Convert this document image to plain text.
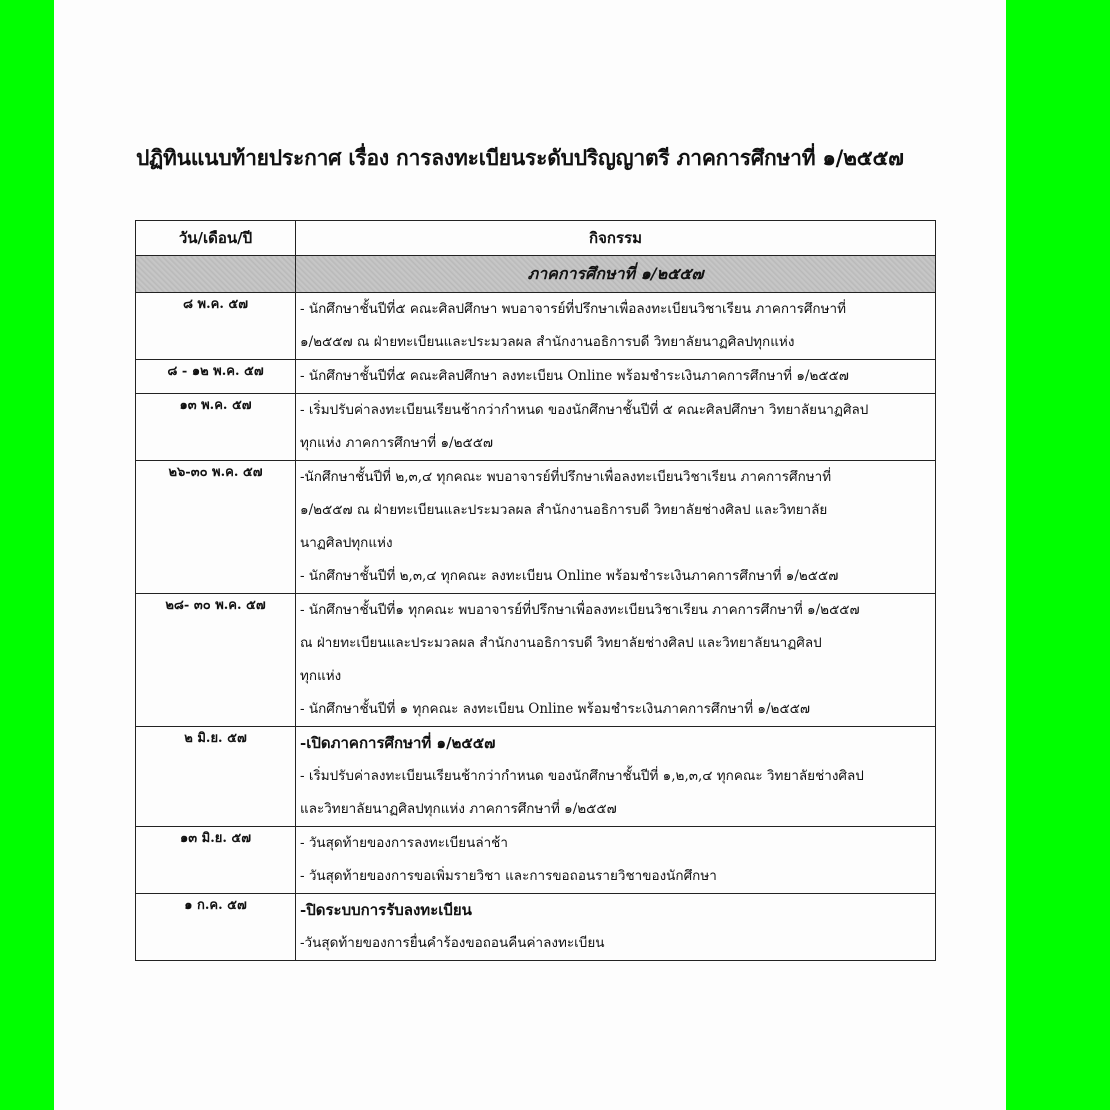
ปฏิทินแนบท้ายประกาศ เรื่อง การลงทะเบียนระดับปริญญาตรี ภาคการศึกษาที่ ๑/๒๕๕๗
วัน/เดือน/ปี	กิจกรรม
	ภาคการศึกษาที่ ๑/๒๕๕๗
๘ พ.ค. ๕๗	- นักศึกษาชั้นปีที่๕ คณะศิลปศึกษา พบอาจารย์ที่ปรึกษาเพื่อลงทะเบียนวิชาเรียน ภาคการศึกษาที่
๑/๒๕๕๗ ณ ฝ่ายทะเบียนและประมวลผล สำนักงานอธิการบดี วิทยาลัยนาฏศิลปทุกแห่ง

๘ - ๑๒ พ.ค. ๕๗	- นักศึกษาชั้นปีที่๕ คณะศิลปศึกษา ลงทะเบียน Online พร้อมชำระเงินภาคการศึกษาที่ ๑/๒๕๕๗

๑๓ พ.ค. ๕๗	- เริ่มปรับค่าลงทะเบียนเรียนช้ากว่ากำหนด ของนักศึกษาชั้นปีที่ ๕ คณะศิลปศึกษา วิทยาลัยนาฏศิลป
ทุกแห่ง ภาคการศึกษาที่ ๑/๒๕๕๗

๒๖-๓๐ พ.ค. ๕๗	-นักศึกษาชั้นปีที่ ๒,๓,๔ ทุกคณะ พบอาจารย์ที่ปรึกษาเพื่อลงทะเบียนวิชาเรียน ภาคการศึกษาที่
๑/๒๕๕๗ ณ ฝ่ายทะเบียนและประมวลผล สำนักงานอธิการบดี วิทยาลัยช่างศิลป และวิทยาลัย
นาฏศิลปทุกแห่ง
- นักศึกษาชั้นปีที่ ๒,๓,๔ ทุกคณะ ลงทะเบียน Online พร้อมชำระเงินภาคการศึกษาที่ ๑/๒๕๕๗

๒๘- ๓๐ พ.ค. ๕๗	- นักศึกษาชั้นปีที่๑ ทุกคณะ พบอาจารย์ที่ปรึกษาเพื่อลงทะเบียนวิชาเรียน ภาคการศึกษาที่ ๑/๒๕๕๗
ณ ฝ่ายทะเบียนและประมวลผล สำนักงานอธิการบดี วิทยาลัยช่างศิลป และวิทยาลัยนาฏศิลป
ทุกแห่ง
- นักศึกษาชั้นปีที่ ๑ ทุกคณะ ลงทะเบียน Online พร้อมชำระเงินภาคการศึกษาที่ ๑/๒๕๕๗

๒ มิ.ย. ๕๗	-เปิดภาคการศึกษาที่ ๑/๒๕๕๗
- เริ่มปรับค่าลงทะเบียนเรียนช้ากว่ากำหนด ของนักศึกษาชั้นปีที่ ๑,๒,๓,๔ ทุกคณะ วิทยาลัยช่างศิลป
และวิทยาลัยนาฏศิลปทุกแห่ง ภาคการศึกษาที่ ๑/๒๕๕๗

๑๓ มิ.ย. ๕๗	- วันสุดท้ายของการลงทะเบียนล่าช้า
- วันสุดท้ายของการขอเพิ่มรายวิชา และการขอถอนรายวิชาของนักศึกษา

๑ ก.ค. ๕๗	-ปิดระบบการรับลงทะเบียน
-วันสุดท้ายของการยื่นคำร้องขอถอนคืนค่าลงทะเบียน
